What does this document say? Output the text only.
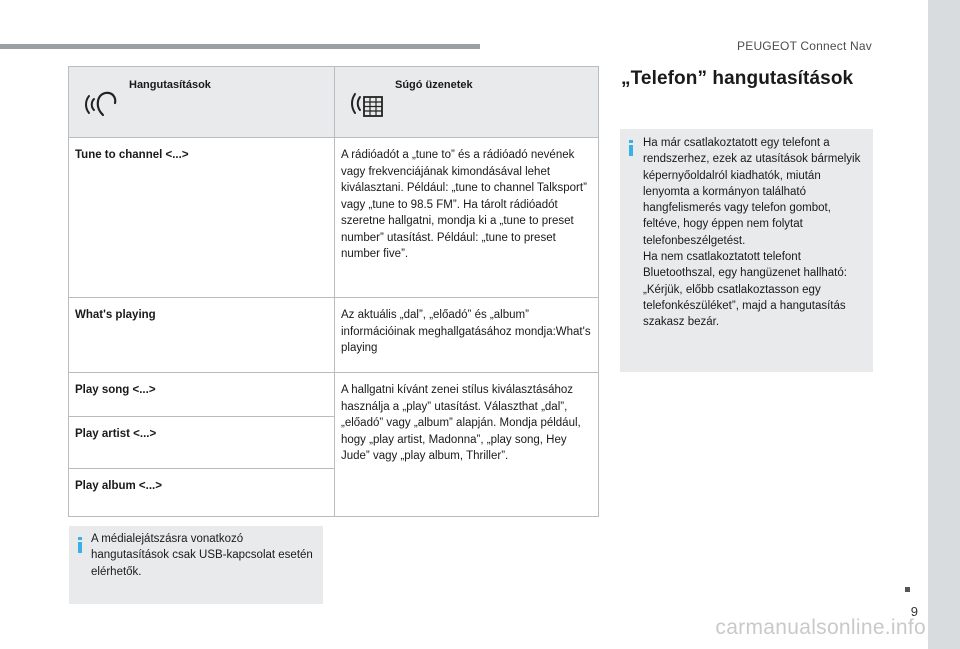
PEUGEOT Connect Nav
Hangutasítások	Súgó üzenetek

Tune to channel <...>	A rádióadót a „tune to” és a rádióadó nevének vagy frekvenciájának kimondásával lehet kiválasztani. Például: „tune to channel Talksport” vagy „tune to 98.5 FM”. Ha tárolt rádióadót szeretne hallgatni, mondja ki a „tune to preset number” utasítást. Például: „tune to preset number five”.
What's playing	Az aktuális „dal”, „előadó” és „album” információinak meghallgatásához mondja:What's playing
Play song <...>	A hallgatni kívánt zenei stílus kiválasztásához használja a „play” utasítást. Választhat „dal”, „előadó” vagy „album” alapján. Mondja például, hogy „play artist, Madonna”, „play song, Hey Jude” vagy „play album, Thriller”.
Play artist <...>	
Play album <...>	

A médialejátszásra vonatkozó hangutasítások csak USB-kapcsolat esetén elérhetők.

„Telefon” hangutasítások

Ha már csatlakoztatott egy telefont a rendszerhez, ezek az utasítások bármelyik képernyőoldalról kiadhatók, miután lenyomta a kormányon található hangfelismerés vagy telefon gombot, feltéve, hogy éppen nem folytat telefonbeszélgetést.

Ha nem csatlakoztatott telefont Bluetoothszal, egy hangüzenet hallható: „Kérjük, előbb csatlakoztasson egy telefonkészüléket”, majd a hangutasítás szakasz bezár.

9
carmanualsonline.info
